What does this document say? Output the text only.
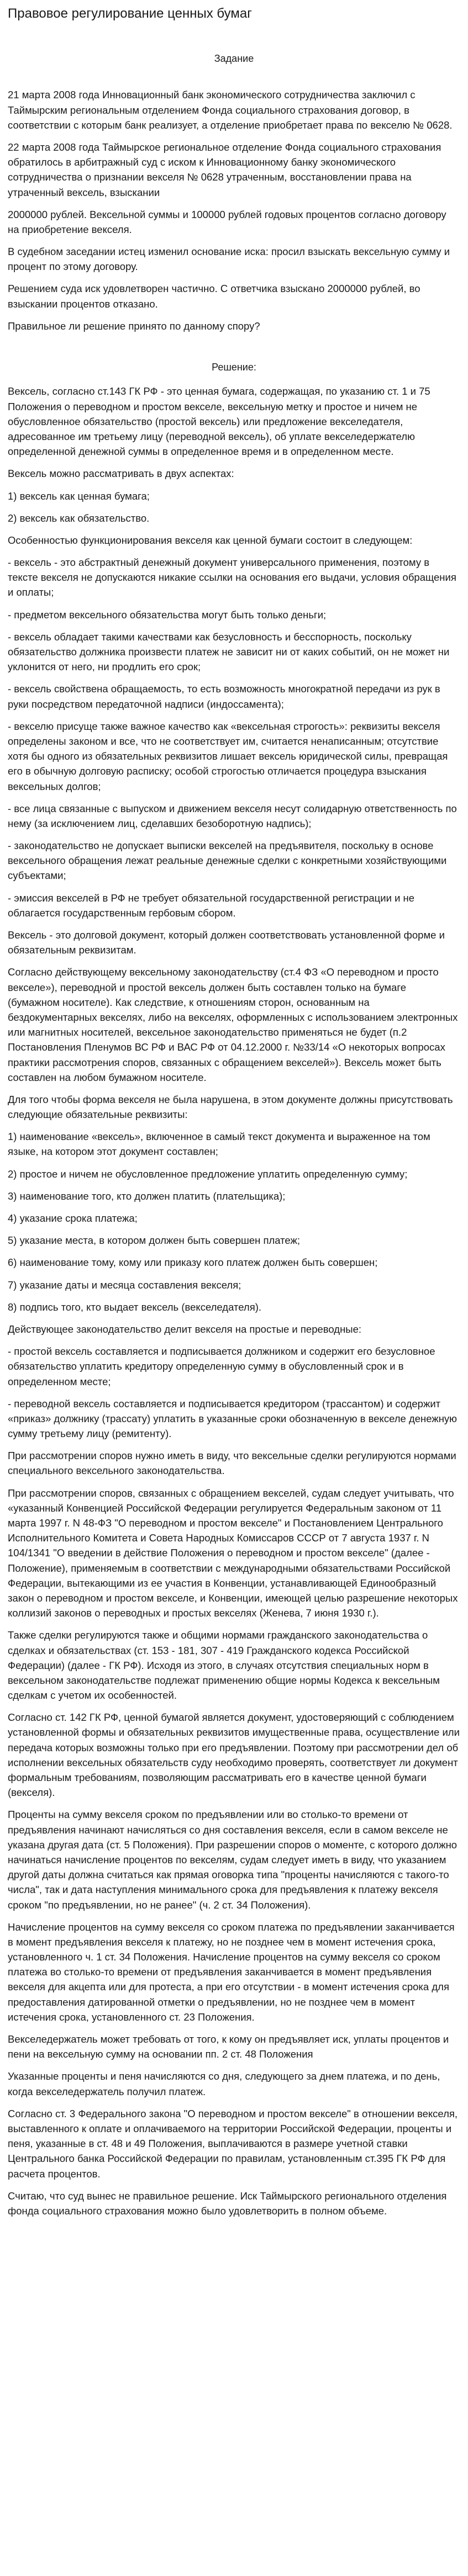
Правовое регулирование ценных бумаг
Задание

21 марта 2008 года Инновационный банк экономического сотрудничества заключил с Таймырским региональным отделением Фонда социального страхования договор, в соответствии с которым банк реализует, а отделение приобретает права по векселю № 0628.

22 марта 2008 года Таймырское региональное отделение Фонда социального страхования обратилось в арбитражный суд с иском к Инновационному банку экономического сотрудничества о признании векселя № 0628 утраченным, восстановлении права на утраченный вексель, взыскании

2000000 рублей. Вексельной суммы и 100000 рублей годовых процентов согласно договору на приобретение векселя.

В судебном заседании истец изменил основание иска: просил взыскать вексельную сумму и процент по этому договору.

Решением суда иск удовлетворен частично. С ответчика взыскано 2000000 рублей, во взыскании процентов отказано.

Правильное ли решение принято по данному спору?

Решение:

Вексель, согласно ст.143 ГК РФ - это ценная бумага, содержащая, по указанию ст. 1 и 75 Положения о переводном и простом векселе, вексельную метку и простое и ничем не обусловленное обязательство (простой вексель) или предложение векселедателя, адресованное им третьему лицу (переводной вексель), об уплате векселедержателю определенной денежной суммы в определенное время и в определенном месте.

Вексель можно рассматривать в двух аспектах:

1) вексель как ценная бумага;

2) вексель как обязательство.

Особенностью функционирования векселя как ценной бумаги состоит в следующем:

- вексель - это абстрактный денежный документ универсального применения, поэтому в тексте векселя не допускаются никакие ссылки на основания его выдачи, условия обращения и оплаты;

- предметом вексельного обязательства могут быть только деньги;

- вексель обладает такими качествами как безусловность и бесспорность, поскольку обязательство должника произвести платеж не зависит ни от каких событий, он не может ни уклонится от него, ни продлить его срок;

- вексель свойствена обращаемость, то есть возможность многократной передачи из рук в руки посредством передаточной надписи (индоссамента);

- векселю присуще также важное качество как «вексельная строгость»: реквизиты векселя определены законом и все, что не соответствует им, считается ненаписанным; отсутствие хотя бы одного из обязательных реквизитов лишает вексель юридической силы, превращая его в обычную долговую расписку; особой строгостью отличается процедура взыскания вексельных долгов;

- все лица связанные с выпуском и движением векселя несут солидарную ответственность по нему (за исключением лиц, сделавших безоборотную надпись);

- законодательство не допускает выписки векселей на предъявителя, поскольку в основе вексельного обращения лежат реальные денежные сделки с конкретными хозяйствующими субъектами;

- эмиссия векселей в РФ не требует обязательной государственной регистрации и не облагается государственным гербовым сбором.

Вексель - это долговой документ, который должен соответствовать установленной форме и обязательным реквизитам.

Согласно действующему вексельному законодательству (ст.4 ФЗ «О переводном и просто векселе»), переводной и простой вексель должен быть составлен только на бумаге (бумажном носителе). Как следствие, к отношениям сторон, основанным на бездокументарных векселях, либо на векселях, оформленных с использованием электронных или магнитных носителей, вексельное законодательство применяться не будет (п.2 Постановления Пленумов ВС РФ и ВАС РФ от 04.12.2000 г. №33/14 «О некоторых вопросах практики рассмотрения споров, связанных с обращением векселей»). Вексель может быть составлен на любом бумажном носителе.

Для того чтобы форма векселя не была нарушена, в этом документе должны присутствовать следующие обязательные реквизиты:

1) наименование «вексель», включенное в самый текст документа и выраженное на том языке, на котором этот документ составлен;

2) простое и ничем не обусловленное предложение уплатить определенную сумму;

3) наименование того, кто должен платить (плательщика);

4) указание срока платежа;

5) указание места, в котором должен быть совершен платеж;

6) наименование тому, кому или приказу кого платеж должен быть совершен;

7) указание даты и месяца составления векселя;

8) подпись того, кто выдает вексель (векселедателя).

Действующее законодательство делит векселя на простые и переводные:

- простой вексель составляется и подписывается должником и содержит его безусловное обязательство уплатить кредитору определенную сумму в обусловленный срок и в определенном месте;

- переводной вексель составляется и подписывается кредитором (трассантом) и содержит «приказ» должнику (трассату) уплатить в указанные сроки обозначенную в векселе денежную сумму третьему лицу (ремитенту).

При рассмотрении споров нужно иметь в виду, что вексельные сделки регулируются нормами специального вексельного законодательства.

При рассмотрении споров, связанных с обращением векселей, судам следует учитывать, что «указанный Конвенцией Российской Федерации регулируется Федеральным законом от 11 марта 1997 г. N 48-ФЗ "О переводном и простом векселе" и Постановлением Центрального Исполнительного Комитета и Совета Народных Комиссаров СССР от 7 августа 1937 г. N 104/1341 "О введении в действие Положения о переводном и простом векселе" (далее - Положение), применяемым в соответствии с международными обязательствами Российской Федерации, вытекающими из ее участия в Конвенции, устанавливающей Единообразный закон о переводном и простом векселе, и Конвенции, имеющей целью разрешение некоторых коллизий законов о переводных и простых векселях (Женева, 7 июня 1930 г.).

Также сделки регулируются также и общими нормами гражданского законодательства о сделках и обязательствах (ст. 153 - 181, 307 - 419 Гражданского кодекса Российской Федерации) (далее - ГК РФ). Исходя из этого, в случаях отсутствия специальных норм в вексельном законодательстве подлежат применению общие нормы Кодекса к вексельным сделкам с учетом их особенностей.

Согласно ст. 142 ГК РФ, ценной бумагой является документ, удостоверяющий с соблюдением установленной формы и обязательных реквизитов имущественные права, осуществление или передача которых возможны только при его предъявлении. Поэтому при рассмотрении дел об исполнении вексельных обязательств суду необходимо проверять, соответствует ли документ формальным требованиям, позволяющим рассматривать его в качестве ценной бумаги (векселя).

Проценты на сумму векселя сроком по предъявлении или во столько-то времени от предъявления начинают начисляться со дня составления векселя, если в самом векселе не указана другая дата (ст. 5 Положения). При разрешении споров о моменте, с которого должно начинаться начисление процентов по векселям, судам следует иметь в виду, что указанием другой даты должна считаться как прямая оговорка типа "проценты начисляются с такого-то числа", так и дата наступления минимального срока для предъявления к платежу векселя сроком "по предъявлении, но не ранее" (ч. 2 ст. 34 Положения).

Начисление процентов на сумму векселя со сроком платежа по предъявлении заканчивается в момент предъявления векселя к платежу, но не позднее чем в момент истечения срока, установленного ч. 1 ст. 34 Положения. Начисление процентов на сумму векселя со сроком платежа во столько-то времени от предъявления заканчивается в момент предъявления векселя для акцепта или для протеста, а при его отсутствии - в момент истечения срока для предоставления датированной отметки о предъявлении, но не позднее чем в момент истечения срока, установленного ст. 23 Положения.

Векселедержатель может требовать от того, к кому он предъявляет иск, уплаты процентов и пени на вексельную сумму на основании пп. 2 ст. 48 Положения

Указанные проценты и пеня начисляются со дня, следующего за днем платежа, и по день, когда векселедержатель получил платеж.

Согласно ст. 3 Федерального закона "О переводном и простом векселе" в отношении векселя, выставленного к оплате и оплачиваемого на территории Российской Федерации, проценты и пеня, указанные в ст. 48 и 49 Положения, выплачиваются в размере учетной ставки Центрального банка Российской Федерации по правилам, установленным ст.395 ГК РФ для расчета процентов.

Считаю, что суд вынес не правильное решение. Иск Таймырского регионального отделения фонда социального страхования можно было удовлетворить в полном объеме.
